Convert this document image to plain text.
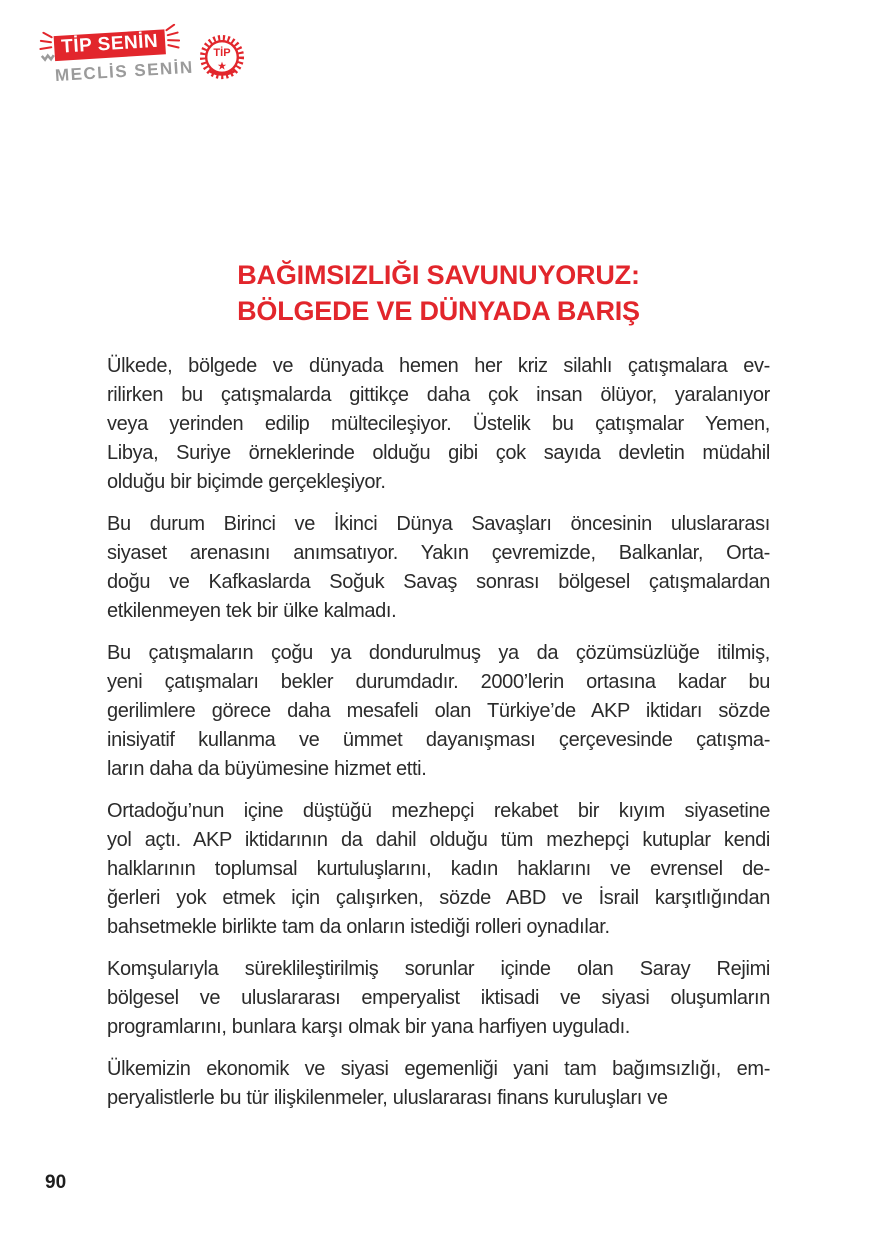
TİP SENİN
MECLİS SENİN
TİP
BAĞIMSIZLIĞI SAVUNUYORUZ:
BÖLGEDE VE DÜNYADA BARIŞ
Ülkede, bölgede ve dünyada hemen her kriz silahlı çatışmalara ev-
rilirken bu çatışmalarda gittikçe daha çok insan ölüyor, yaralanıyor
veya yerinden edilip mültecileşiyor. Üstelik bu çatışmalar Yemen,
Libya, Suriye örneklerinde olduğu gibi çok sayıda devletin müdahil
olduğu bir biçimde gerçekleşiyor.
Bu durum Birinci ve İkinci Dünya Savaşları öncesinin uluslararası
siyaset arenasını anımsatıyor. Yakın çevremizde, Balkanlar, Orta-
doğu ve Kafkaslarda Soğuk Savaş sonrası bölgesel çatışmalardan
etkilenmeyen tek bir ülke kalmadı.
Bu çatışmaların çoğu ya dondurulmuş ya da çözümsüzlüğe itilmiş,
yeni çatışmaları bekler durumdadır. 2000’lerin ortasına kadar bu
gerilimlere görece daha mesafeli olan Türkiye’de AKP iktidarı sözde
inisiyatif kullanma ve ümmet dayanışması çerçevesinde çatışma-
ların daha da büyümesine hizmet etti.
Ortadoğu’nun içine düştüğü mezhepçi rekabet bir kıyım siyasetine
yol açtı. AKP iktidarının da dahil olduğu tüm mezhepçi kutuplar kendi
halklarının toplumsal kurtuluşlarını, kadın haklarını ve evrensel de-
ğerleri yok etmek için çalışırken, sözde ABD ve İsrail karşıtlığından
bahsetmekle birlikte tam da onların istediği rolleri oynadılar.
Komşularıyla süreklileştirilmiş sorunlar içinde olan Saray Rejimi
bölgesel ve uluslararası emperyalist iktisadi ve siyasi oluşumların
programlarını, bunlara karşı olmak bir yana harfiyen uyguladı.
Ülkemizin ekonomik ve siyasi egemenliği yani tam bağımsızlığı, em-
peryalistlerle bu tür ilişkilenmeler, uluslararası finans kuruluşları ve
90
